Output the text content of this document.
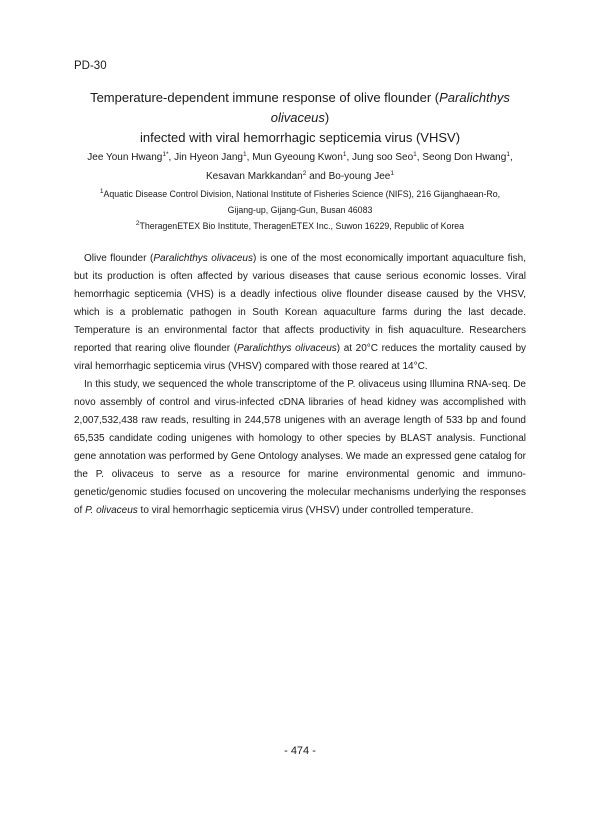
PD-30
Temperature-dependent immune response of olive flounder (Paralichthys olivaceus)
infected with viral hemorrhagic septicemia virus (VHSV)
Jee Youn Hwang$^{1*}$, Jin Hyeon Jang$^1$, Mun Gyeoung Kwon$^1$, Jung soo Seo$^1$, Seong Don Hwang$^1$,
Kesavan Markkandan$^2$ and Bo-young Jee$^1$
$^1$Aquatic Disease Control Division, National Institute of Fisheries Science (NIFS), 216 Gijanghaean-Ro,
Gijang-up, Gijang-Gun, Busan 46083
$^2$TheragenETEX Bio Institute, TheragenETEX Inc., Suwon 16229, Republic of Korea

Olive flounder (Paralichthys olivaceus) is one of the most economically important aquaculture fish, but its production is often affected by various diseases that cause serious economic losses. Viral hemorrhagic septicemia (VHS) is a deadly infectious olive flounder disease caused by the VHSV, which is a problematic pathogen in South Korean aquaculture farms during the last decade. Temperature is an environmental factor that affects productivity in fish aquaculture. Researchers reported that rearing olive flounder (Paralichthys olivaceus) at 20°C reduces the mortality caused by viral hemorrhagic septicemia virus (VHSV) compared with those reared at 14°C.

In this study, we sequenced the whole transcriptome of the P. olivaceus using Illumina RNA-seq. De novo assembly of control and virus-infected cDNA libraries of head kidney was accomplished with 2,007,532,438 raw reads, resulting in 244,578 unigenes with an average length of 533 bp and found 65,535 candidate coding unigenes with homology to other species by BLAST analysis. Functional gene annotation was performed by Gene Ontology analyses. We made an expressed gene catalog for the P. olivaceus to serve as a resource for marine environmental genomic and immuno-genetic/genomic studies focused on uncovering the molecular mechanisms underlying the responses of P. olivaceus to viral hemorrhagic septicemia virus (VHSV) under controlled temperature.

- 474 -
